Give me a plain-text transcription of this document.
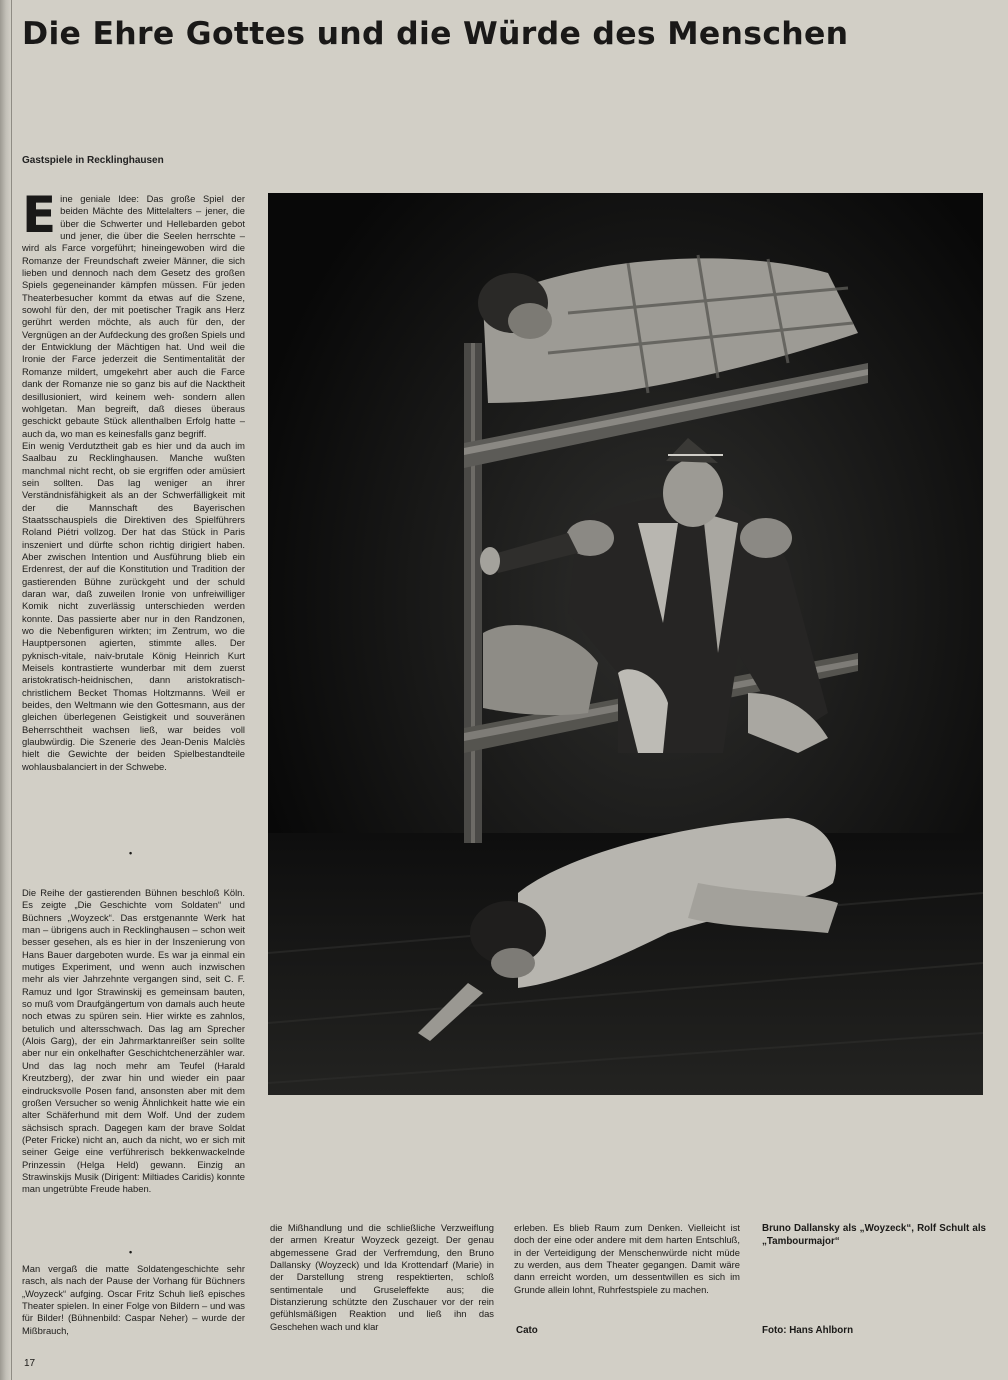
Die Ehre Gottes und die Würde des Menschen
Gastspiele in Recklinghausen
E ine geniale Idee: Das große Spiel der beiden Mächte des Mittelalters – jener, die über die Schwerter und Hellebarden gebot und jener, die über die Seelen herrschte – wird als Farce vorgeführt; hineingewoben wird die Romanze der Freundschaft zweier Männer, die sich lieben und dennoch nach dem Gesetz des großen Spiels gegeneinander kämpfen müssen. Für jeden Theaterbesucher kommt da etwas auf die Szene, sowohl für den, der mit poetischer Tragik ans Herz gerührt werden möchte, als auch für den, der Vergnügen an der Aufdeckung des großen Spiels und der Entwicklung der Mächtigen hat. Und weil die Ironie der Farce jederzeit die Sentimentalität der Romanze mildert, umgekehrt aber auch die Farce dank der Romanze nie so ganz bis auf die Nacktheit desillusioniert, wird keinem weh- sondern allen wohlgetan. Man begreift, daß dieses überaus geschickt gebaute Stück allenthalben Erfolg hatte – auch da, wo man es keinesfalls ganz begriff.

Ein wenig Verdutztheit gab es hier und da auch im Saalbau zu Recklinghausen. Manche wußten manchmal nicht recht, ob sie ergriffen oder amüsiert sein sollten. Das lag weniger an ihrer Verständnisfähigkeit als an der Schwerfälligkeit mit der die Mannschaft des Bayerischen Staatsschauspiels die Direktiven des Spielführers Roland Piétri vollzog. Der hat das Stück in Paris inszeniert und dürfte schon richtig dirigiert haben. Aber zwischen Intention und Ausführung blieb ein Erdenrest, der auf die Konstitution und Tradition der gastierenden Bühne zurückgeht und der schuld daran war, daß zuweilen Ironie von unfreiwilliger Komik nicht zuverlässig unterschieden werden konnte. Das passierte aber nur in den Randzonen, wo die Nebenfiguren wirkten; im Zentrum, wo die Hauptpersonen agierten, stimmte alles. Der pyknisch-vitale, naiv-brutale König Heinrich Kurt Meisels kontrastierte wunderbar mit dem zuerst aristokratisch-heidnischen, dann aristokratisch-christlichem Becket Thomas Holtzmanns. Weil er beides, den Weltmann wie den Gottesmann, aus der gleichen überlegenen Geistigkeit und souveränen Beherrschtheit wachsen ließ, war beides voll glaubwürdig. Die Szenerie des Jean-Denis Malclès hielt die Gewichte der beiden Spielbestandteile wohlausbalanciert in der Schwebe.

•

Die Reihe der gastierenden Bühnen beschloß Köln. Es zeigte „Die Geschichte vom Soldaten“ und Büchners „Woyzeck“. Das erstgenannte Werk hat man – übrigens auch in Recklinghausen – schon weit besser gesehen, als es hier in der Inszenierung von Hans Bauer dargeboten wurde. Es war ja einmal ein mutiges Experiment, und wenn auch inzwischen mehr als vier Jahrzehnte vergangen sind, seit C. F. Ramuz und Igor Strawinskij es gemeinsam bauten, so muß vom Draufgängertum von damals auch heute noch etwas zu spüren sein. Hier wirkte es zahnlos, betulich und altersschwach. Das lag am Sprecher (Alois Garg), der ein Jahrmarktanreißer sein sollte aber nur ein onkelhafter Geschichtchenerzähler war. Und das lag noch mehr am Teufel (Harald Kreutzberg), der zwar hin und wieder ein paar eindrucksvolle Posen fand, ansonsten aber mit dem großen Versucher so wenig Ähnlichkeit hatte wie ein alter Schäferhund mit dem Wolf. Und der zudem sächsisch sprach. Dagegen kam der brave Soldat (Peter Fricke) nicht an, auch da nicht, wo er sich mit seiner Geige eine verführerisch bekkenwackelnde Prinzessin (Helga Held) gewann. Einzig an Strawinskijs Musik (Dirigent: Miltiades Caridis) konnte man ungetrübte Freude haben.

•

Man vergaß die matte Soldatengeschichte sehr rasch, als nach der Pause der Vorhang für Büchners „Woyzeck“ aufging. Oscar Fritz Schuh ließ episches Theater spielen. In einer Folge von Bildern – und was für Bilder! (Bühnenbild: Caspar Neher) – wurde der Mißbrauch,

die Mißhandlung und die schließliche Verzweiflung der armen Kreatur Woyzeck gezeigt. Der genau abgemessene Grad der Verfremdung, den Bruno Dallansky (Woyzeck) und Ida Krottendarf (Marie) in der Darstellung streng respektierten, schloß sentimentale und Gruseleffekte aus; die Distanzierung schützte den Zuschauer vor der rein gefühlsmäßigen Reaktion und ließ ihn das Geschehen wach und klar

erleben. Es blieb Raum zum Denken. Vielleicht ist doch der eine oder andere mit dem harten Entschluß, in der Verteidigung der Menschenwürde nicht müde zu werden, aus dem Theater gegangen. Damit wäre dann erreicht worden, um dessentwillen es sich im Grunde allein lohnt, Ruhrfestspiele zu machen.

Bruno Dallansky als „Woyzeck“, Rolf Schult als „Tambourmajor“
Cato	Foto: Hans Ahlborn
17
